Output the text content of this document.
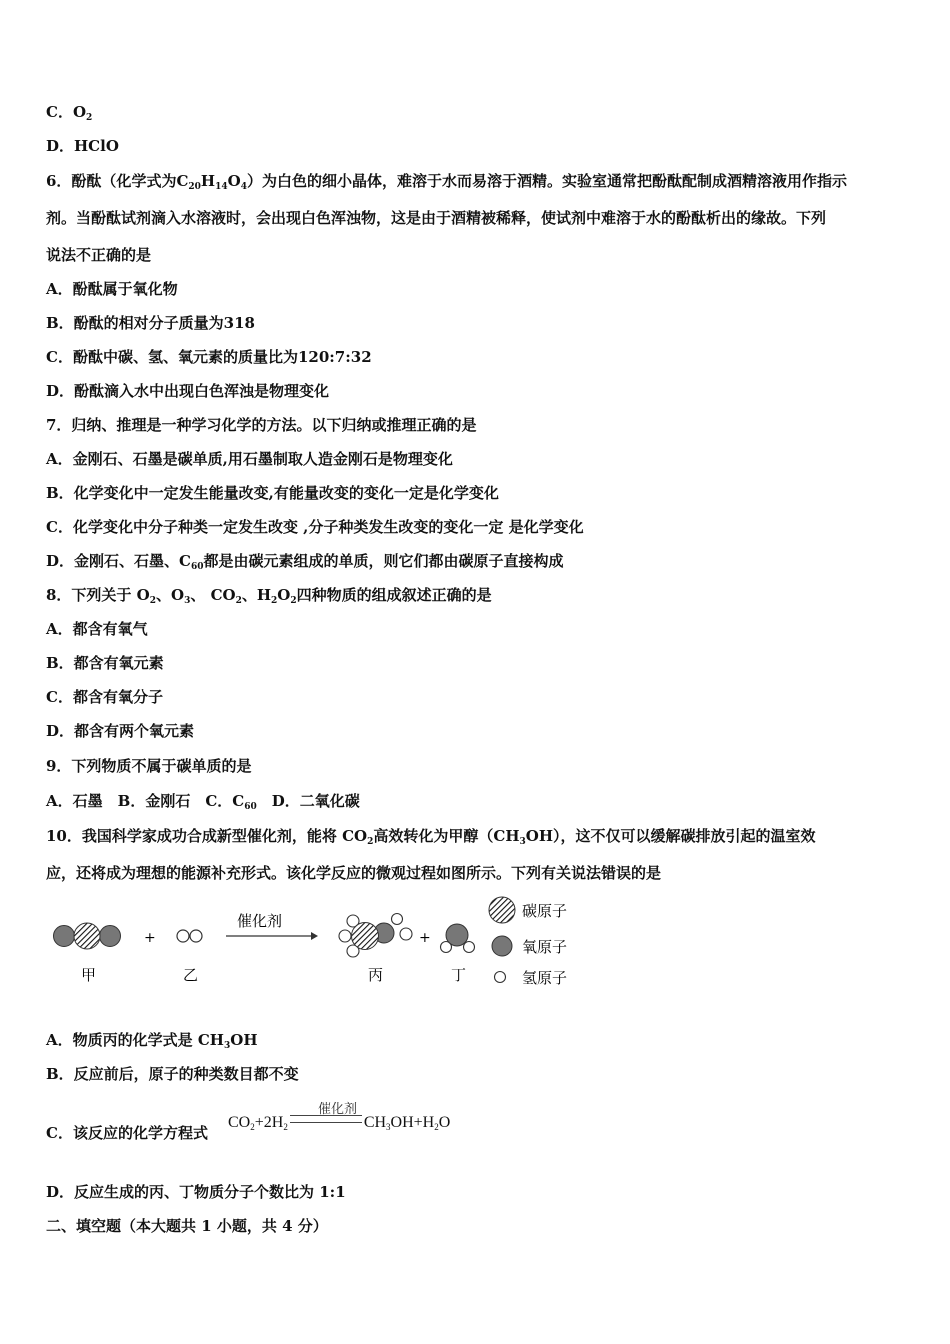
C．$O_2$
D．HClO
6．酚酞（化学式为$C_{20}H_{14}O_4$）为白色的细小晶体，难溶于水而易溶于酒精。实验室通常把酚酞配制成酒精溶液用作指示
剂。当酚酞试剂滴入水溶液时，会出现白色浑浊物，这是由于酒精被稀释，使试剂中难溶于水的酚酞析出的缘故。下列
说法不正确的是
A．酚酞属于氧化物
B．酚酞的相对分子质量为318
C．酚酞中碳、氢、氧元素的质量比为120:7:32
D．酚酞滴入水中出现白色浑浊是物理变化
7．归纳、推理是一种学习化学的方法。以下归纳或推理正确的是
A．金刚石、石墨是碳单质,用石墨制取人造金刚石是物理变化
B．化学变化中一定发生能量改变,有能量改变的变化一定是化学变化
C．化学变化中分子种类一定发生改变 ,分子种类发生改变的变化一定 是化学变化
D．金刚石、石墨、$C_{60}$都是由碳元素组成的单质，则它们都由碳原子直接构成
8．下列关于 $O_2$、$O_3$、 $CO_2$、$H_2O_2$四种物质的组成叙述正确的是
A．都含有氧气
B．都含有氧元素
C．都含有氧分子
D．都含有两个氧元素
9．下列物质不属于碳单质的是
A．石墨　B．金刚石　C．$C_{60}$　D．二氧化碳
10．我国科学家成功合成新型催化剂，能将 $CO_2$高效转化为甲醇$(CH_3OH)$，这不仅可以缓解碳排放引起的温室效
应，还将成为理想的能源补充形式。该化学反应的微观过程如图所示。下列有关说法错误的是
+
催化剂
+
甲	乙	丙	丁
碳原子
氧原子
氢原子
A．物质丙的化学式是 $CH_3OH$
B．反应前后，原子的种类数目都不变
C．该反应的化学方程式
催化剂
$CO_2+2H_2$	$CH_3OH+H_2O$
D．反应生成的丙、丁物质分子个数比为 1:1
二、填空题（本大题共 1 小题，共 4 分）
